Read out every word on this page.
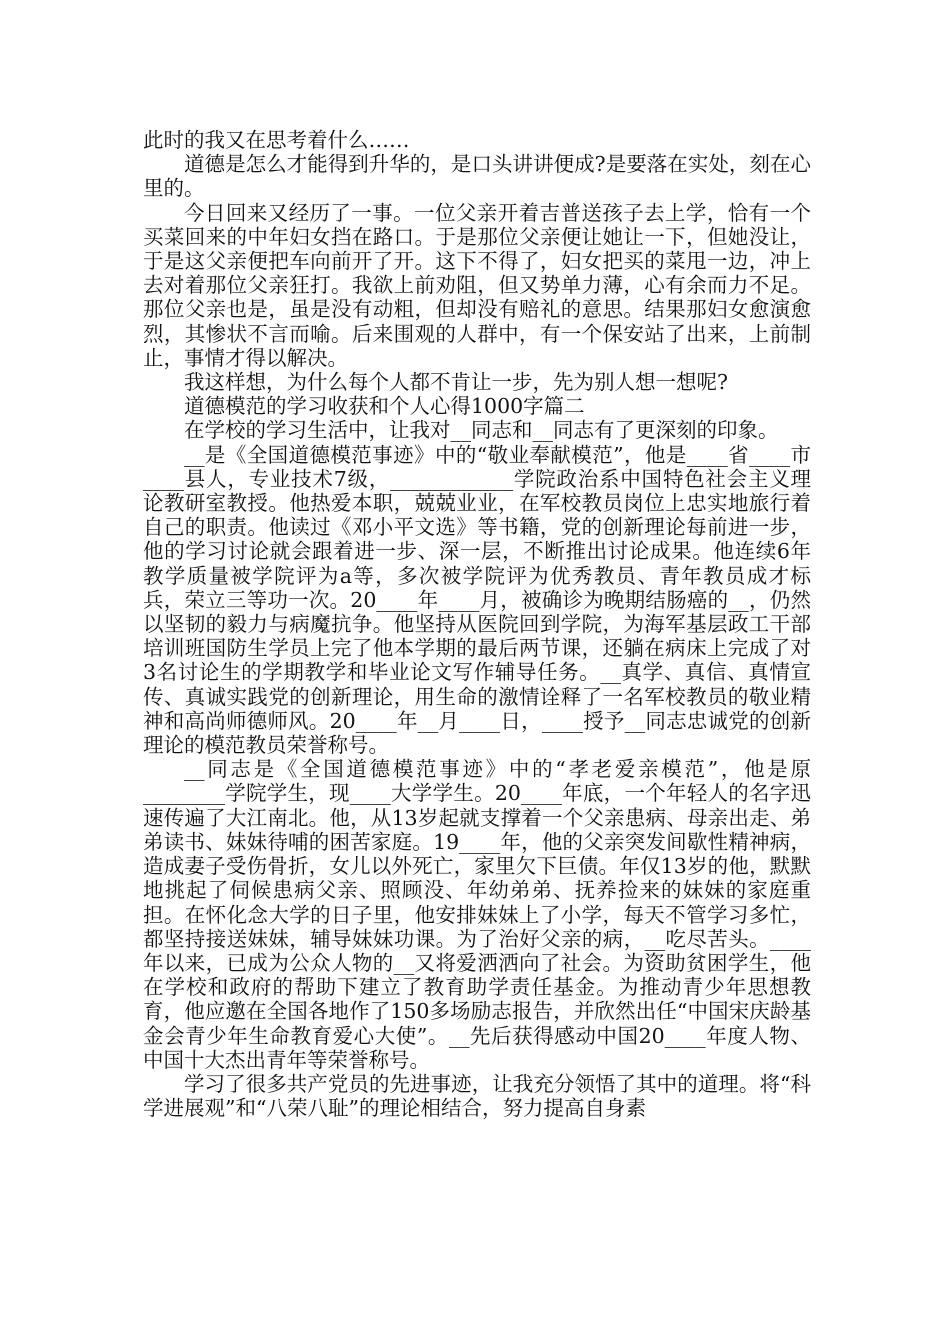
此时的我又在思考着什么……

道德是怎么才能得到升华的，是口头讲讲便成?是要落在实处，刻在心里的。

今日回来又经历了一事。一位父亲开着吉普送孩子去上学，恰有一个买菜回来的中年妇女挡在路口。于是那位父亲便让她让一下，但她没让，于是这父亲便把车向前开了开。这下不得了，妇女把买的菜甩一边，冲上去对着那位父亲狂打。我欲上前劝阻，但又势单力薄，心有余而力不足。那位父亲也是，虽是没有动粗，但却没有赔礼的意思。结果那妇女愈演愈烈，其惨状不言而喻。后来围观的人群中，有一个保安站了出来，上前制止，事情才得以解决。

我这样想，为什么每个人都不肯让一步，先为别人想一想呢?

道德模范的学习收获和个人心得1000字篇二

在学校的学习生活中，让我对__同志和__同志有了更深刻的印象。

__是《全国道德模范事迹》中的“敬业奉献模范”，他是____省____市____县人，专业技术7级，____________学院政治系中国特色社会主义理论教研室教授。他热爱本职，兢兢业业，在军校教员岗位上忠实地旅行着自己的职责。他读过《邓小平文选》等书籍，党的创新理论每前进一步，他的学习讨论就会跟着进一步、深一层，不断推出讨论成果。他连续6年教学质量被学院评为a等，多次被学院评为优秀教员、青年教员成才标兵，荣立三等功一次。20____年____月，被确诊为晚期结肠癌的__，仍然以坚韧的毅力与病魔抗争。他坚持从医院回到学院，为海军基层政工干部培训班国防生学员上完了他本学期的最后两节课，还躺在病床上完成了对3名讨论生的学期教学和毕业论文写作辅导任务。__真学、真信、真情宣传、真诚实践党的创新理论，用生命的激情诠释了一名军校教员的敬业精神和高尚师德师风。20____年__月____日，____授予__同志忠诚党的创新理论的模范教员荣誉称号。

__同志是《全国道德模范事迹》中的“孝老爱亲模范”，他是原________学院学生，现____大学学生。20____年底，一个年轻人的名字迅速传遍了大江南北。他，从13岁起就支撑着一个父亲患病、母亲出走、弟弟读书、妹妹待哺的困苦家庭。19____年，他的父亲突发间歇性精神病，造成妻子受伤骨折，女儿以外死亡，家里欠下巨债。年仅13岁的他，默默地挑起了伺候患病父亲、照顾没、年幼弟弟、抚养捡来的妹妹的家庭重担。在怀化念大学的日子里，他安排妹妹上了小学，每天不管学习多忙，都坚持接送妹妹，辅导妹妹功课。为了治好父亲的病，__吃尽苦头。____年以来，已成为公众人物的__又将爱洒洒向了社会。为资助贫困学生，他在学校和政府的帮助下建立了教育助学责任基金。为推动青少年思想教育，他应邀在全国各地作了150多场励志报告，并欣然出任“中国宋庆龄基金会青少年生命教育爱心大使”。__先后获得感动中国20____年度人物、中国十大杰出青年等荣誉称号。

学习了很多共产党员的先进事迹，让我充分领悟了其中的道理。将“科学进展观”和“八荣八耻”的理论相结合，努力提高自身素
